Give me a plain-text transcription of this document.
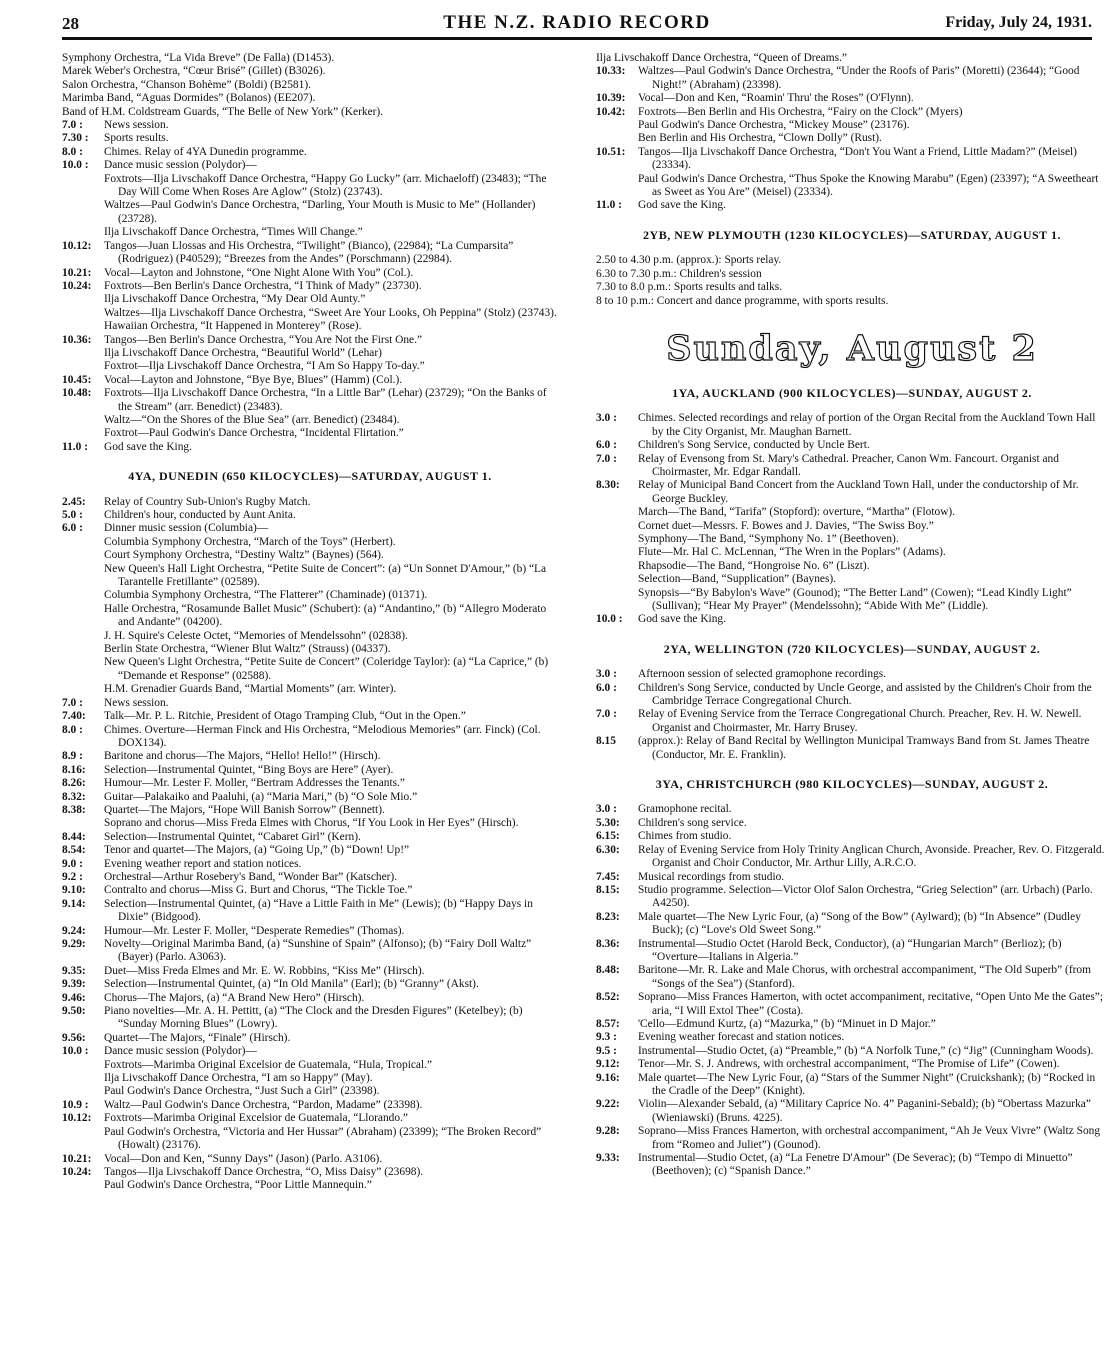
28	THE N.Z. RADIO RECORD	Friday, July 24, 1931.
Symphony Orchestra, “La Vida Breve” (De Falla) (D1453).
Marek Weber's Orchestra, “Cœur Brisé” (Gillet) (B3026).
Salon Orchestra, “Chanson Bohème” (Boldi) (B2581).
Marimba Band, “Aguas Dormides” (Bolanos) (EE207).
Band of H.M. Coldstream Guards, “The Belle of New York” (Kerker).
7.0 :	News session.
7.30 :	Sports results.
8.0 :	Chimes. Relay of 4YA Dunedin programme.
10.0 :	Dance music session (Polydor)—
Foxtrots—Ilja Livschakoff Dance Orchestra, “Happy Go Lucky” (arr. Michaeloff) (23483); “The Day Will Come When Roses Are Aglow” (Stolz) (23743).
Waltzes—Paul Godwin's Dance Orchestra, “Darling, Your Mouth is Music to Me” (Hollander) (23728).
Ilja Livschakoff Dance Orchestra, “Times Will Change.”
10.12:	Tangos—Juan Llossas and His Orchestra, “Twilight” (Bianco), (22984); “La Cumparsita” (Rodriguez) (P40529); “Breezes from the Andes” (Porschmann) (22984).
10.21:	Vocal—Layton and Johnstone, “One Night Alone With You” (Col.).
10.24:	Foxtrots—Ben Berlin's Dance Orchestra, “I Think of Mady” (23730).
Ilja Livschakoff Dance Orchestra, “My Dear Old Aunty.”
Waltzes—Ilja Livschakoff Dance Orchestra, “Sweet Are Your Looks, Oh Peppina” (Stolz) (23743).
Hawaiian Orchestra, “It Happened in Monterey” (Rose).
10.36:	Tangos—Ben Berlin's Dance Orchestra, “You Are Not the First One.”
Ilja Livschakoff Dance Orchestra, “Beautiful World” (Lehar)
Foxtrot—Ilja Livschakoff Dance Orchestra, “I Am So Happy To-day.”
10.45:	Vocal—Layton and Johnstone, “Bye Bye, Blues” (Hamm) (Col.).
10.48:	Foxtrots—Ilja Livschakoff Dance Orchestra, “In a Little Bar” (Lehar) (23729); “On the Banks of the Stream” (arr. Benedict) (23483).
Waltz—“On the Shores of the Blue Sea” (arr. Benedict) (23484).
Foxtrot—Paul Godwin's Dance Orchestra, “Incidental Flirtation.”
11.0 :	God save the King.
4YA, DUNEDIN (650 KILOCYCLES)—SATURDAY, AUGUST 1.
2.45:	Relay of Country Sub-Union's Rugby Match.
5.0 :	Children's hour, conducted by Aunt Anita.
6.0 :	Dinner music session (Columbia)—
Columbia Symphony Orchestra, “March of the Toys” (Herbert).
Court Symphony Orchestra, “Destiny Waltz” (Baynes) (564).
New Queen's Hall Light Orchestra, “Petite Suite de Concert”: (a) “Un Sonnet D'Amour,” (b) “La Tarantelle Fretillante” (02589).
Columbia Symphony Orchestra, “The Flatterer” (Chaminade) (01371).
Halle Orchestra, “Rosamunde Ballet Music” (Schubert): (a) “Andantino,” (b) “Allegro Moderato and Andante” (04200).
J. H. Squire's Celeste Octet, “Memories of Mendelssohn” (02838).
Berlin State Orchestra, “Wiener Blut Waltz” (Strauss) (04337).
New Queen's Light Orchestra, “Petite Suite de Concert” (Coleridge Taylor): (a) “La Caprice,” (b) “Demande et Response” (02588).
H.M. Grenadier Guards Band, “Martial Moments” (arr. Winter).
7.0 :	News session.
7.40:	Talk—Mr. P. L. Ritchie, President of Otago Tramping Club, “Out in the Open.”
8.0 :	Chimes. Overture—Herman Finck and His Orchestra, “Melodious Memories” (arr. Finck) (Col. DOX134).
8.9 :	Baritone and chorus—The Majors, “Hello! Hello!” (Hirsch).
8.16:	Selection—Instrumental Quintet, “Bing Boys are Here” (Ayer).
8.26:	Humour—Mr. Lester F. Moller, “Bertram Addresses the Tenants.”
8.32:	Guitar—Palakaiko and Paaluhi, (a) “Maria Mari,” (b) “O Sole Mio.”
8.38:	Quartet—The Majors, “Hope Will Banish Sorrow” (Bennett).
Soprano and chorus—Miss Freda Elmes with Chorus, “If You Look in Her Eyes” (Hirsch).
8.44:	Selection—Instrumental Quintet, “Cabaret Girl” (Kern).
8.54:	Tenor and quartet—The Majors, (a) “Going Up,” (b) “Down! Up!”
9.0 :	Evening weather report and station notices.
9.2 :	Orchestral—Arthur Rosebery's Band, “Wonder Bar” (Katscher).
9.10:	Contralto and chorus—Miss G. Burt and Chorus, “The Tickle Toe.”
9.14:	Selection—Instrumental Quintet, (a) “Have a Little Faith in Me” (Lewis); (b) “Happy Days in Dixie” (Bidgood).
9.24:	Humour—Mr. Lester F. Moller, “Desperate Remedies” (Thomas).
9.29:	Novelty—Original Marimba Band, (a) “Sunshine of Spain” (Alfonso); (b) “Fairy Doll Waltz” (Bayer) (Parlo. A3063).
9.35:	Duet—Miss Freda Elmes and Mr. E. W. Robbins, “Kiss Me” (Hirsch).
9.39:	Selection—Instrumental Quintet, (a) “In Old Manila” (Earl); (b) “Granny” (Akst).
9.46:	Chorus—The Majors, (a) “A Brand New Hero” (Hirsch).
9.50:	Piano novelties—Mr. A. H. Pettitt, (a) “The Clock and the Dresden Figures” (Ketelbey); (b) “Sunday Morning Blues” (Lowry).
9.56:	Quartet—The Majors, “Finale” (Hirsch).
10.0 :	Dance music session (Polydor)—
Foxtrots—Marimba Original Excelsior de Guatemala, “Hula, Tropical.”
Ilja Livschakoff Dance Orchestra, “I am so Happy” (May).
Paul Godwin's Dance Orchestra, “Just Such a Girl” (23398).
10.9 :	Waltz—Paul Godwin's Dance Orchestra, “Pardon, Madame” (23398).
10.12:	Foxtrots—Marimba Original Excelsior de Guatemala, “Llorando.”
Paul Godwin's Orchestra, “Victoria and Her Hussar” (Abraham) (23399); “The Broken Record” (Howalt) (23176).
10.21:	Vocal—Don and Ken, “Sunny Days” (Jason) (Parlo. A3106).
10.24:	Tangos—Ilja Livschakoff Dance Orchestra, “O, Miss Daisy” (23698).
Paul Godwin's Dance Orchestra, “Poor Little Mannequin.”
Ilja Livschakoff Dance Orchestra, “Queen of Dreams.”
10.33:	Waltzes—Paul Godwin's Dance Orchestra, “Under the Roofs of Paris” (Moretti) (23644); “Good Night!” (Abraham) (23398).
10.39:	Vocal—Don and Ken, “Roamin' Thru' the Roses” (O'Flynn).
10.42:	Foxtrots—Ben Berlin and His Orchestra, “Fairy on the Clock” (Myers)
Paul Godwin's Dance Orchestra, “Mickey Mouse” (23176).
Ben Berlin and His Orchestra, “Clown Dolly” (Rust).
10.51:	Tangos—Ilja Livschakoff Dance Orchestra, “Don't You Want a Friend, Little Madam?” (Meisel) (23334).
Paul Godwin's Dance Orchestra, “Thus Spoke the Knowing Marabu” (Egen) (23397); “A Sweetheart as Sweet as You Are” (Meisel) (23334).
11.0 :	God save the King.
2YB, NEW PLYMOUTH (1230 KILOCYCLES)—SATURDAY, AUGUST 1.
2.50 to 4.30 p.m. (approx.): Sports relay.
6.30 to 7.30 p.m.: Children's session
7.30 to 8.0 p.m.: Sports results and talks.
8 to 10 p.m.: Concert and dance programme, with sports results.
Sunday, August 2
1YA, AUCKLAND (900 KILOCYCLES)—SUNDAY, AUGUST 2.
3.0 :	Chimes. Selected recordings and relay of portion of the Organ Recital from the Auckland Town Hall by the City Organist, Mr. Maughan Barnett.
6.0 :	Children's Song Service, conducted by Uncle Bert.
7.0 :	Relay of Evensong from St. Mary's Cathedral. Preacher, Canon Wm. Fancourt. Organist and Choirmaster, Mr. Edgar Randall.
8.30:	Relay of Municipal Band Concert from the Auckland Town Hall, under the conductorship of Mr. George Buckley.
March—The Band, “Tarifa” (Stopford): overture, “Martha” (Flotow).
Cornet duet—Messrs. F. Bowes and J. Davies, “The Swiss Boy.”
Symphony—The Band, “Symphony No. 1” (Beethoven).
Flute—Mr. Hal C. McLennan, “The Wren in the Poplars” (Adams).
Rhapsodie—The Band, “Hongroise No. 6” (Liszt).
Selection—Band, “Supplication” (Baynes).
Synopsis—“By Babylon's Wave” (Gounod); “The Better Land” (Cowen); “Lead Kindly Light” (Sullivan); “Hear My Prayer” (Mendelssohn); “Abide With Me” (Liddle).
10.0 :	God save the King.
2YA, WELLINGTON (720 KILOCYCLES)—SUNDAY, AUGUST 2.
3.0 :	Afternoon session of selected gramophone recordings.
6.0 :	Children's Song Service, conducted by Uncle George, and assisted by the Children's Choir from the Cambridge Terrace Congregational Church.
7.0 :	Relay of Evening Service from the Terrace Congregational Church. Preacher, Rev. H. W. Newell. Organist and Choirmaster, Mr. Harry Brusey.
8.15	(approx.): Relay of Band Recital by Wellington Municipal Tramways Band from St. James Theatre (Conductor, Mr. E. Franklin).
3YA, CHRISTCHURCH (980 KILOCYCLES)—SUNDAY, AUGUST 2.
3.0 :	Gramophone recital.
5.30:	Children's song service.
6.15:	Chimes from studio.
6.30:	Relay of Evening Service from Holy Trinity Anglican Church, Avonside. Preacher, Rev. O. Fitzgerald. Organist and Choir Conductor, Mr. Arthur Lilly, A.R.C.O.
7.45:	Musical recordings from studio.
8.15:	Studio programme. Selection—Victor Olof Salon Orchestra, “Grieg Selection” (arr. Urbach) (Parlo. A4250).
8.23:	Male quartet—The New Lyric Four, (a) “Song of the Bow” (Aylward); (b) “In Absence” (Dudley Buck); (c) “Love's Old Sweet Song.”
8.36:	Instrumental—Studio Octet (Harold Beck, Conductor), (a) “Hungarian March” (Berlioz); (b) “Overture—Italians in Algeria.”
8.48:	Baritone—Mr. R. Lake and Male Chorus, with orchestral accompaniment, “The Old Superb” (from “Songs of the Sea”) (Stanford).
8.52:	Soprano—Miss Frances Hamerton, with octet accompaniment, recitative, “Open Unto Me the Gates”; aria, “I Will Extol Thee” (Costa).
8.57:	'Cello—Edmund Kurtz, (a) “Mazurka,” (b) “Minuet in D Major.”
9.3 :	Evening weather forecast and station notices.
9.5 :	Instrumental—Studio Octet, (a) “Preamble,” (b) “A Norfolk Tune,” (c) “Jig” (Cunningham Woods).
9.12:	Tenor—Mr. S. J. Andrews, with orchestral accompaniment, “The Promise of Life” (Cowen).
9.16:	Male quartet—The New Lyric Four, (a) “Stars of the Summer Night” (Cruickshank); (b) “Rocked in the Cradle of the Deep” (Knight).
9.22:	Violin—Alexander Sebald, (a) “Military Caprice No. 4” Paganini-Sebald); (b) “Obertass Mazurka” (Wieniawski) (Bruns. 4225).
9.28:	Soprano—Miss Frances Hamerton, with orchestral accompaniment, “Ah Je Veux Vivre” (Waltz Song from “Romeo and Juliet”) (Gounod).
9.33:	Instrumental—Studio Octet, (a) “La Fenetre D'Amour” (De Severac); (b) “Tempo di Minuetto” (Beethoven); (c) “Spanish Dance.”
